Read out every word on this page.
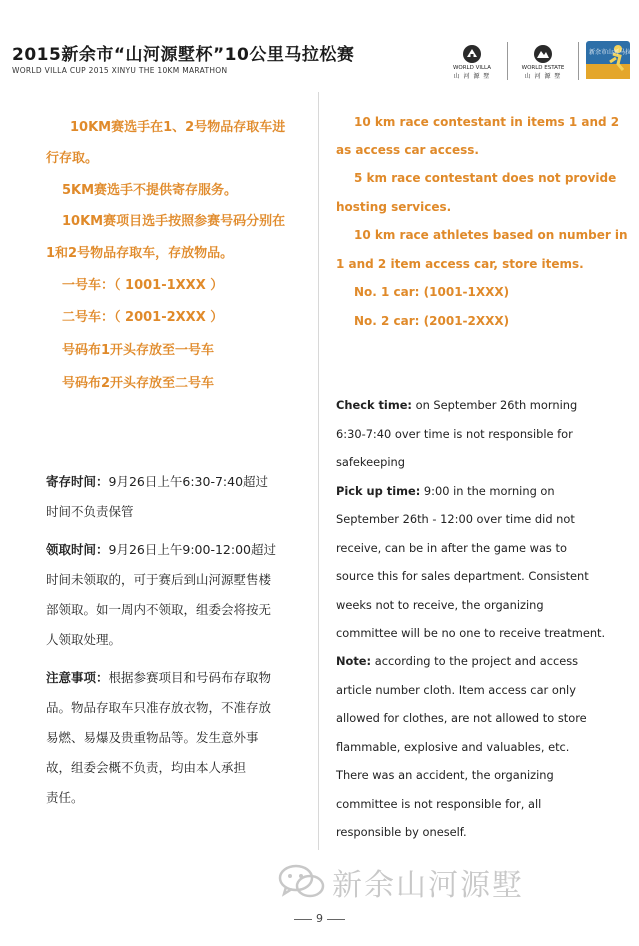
2015新余市“山河源墅杯”10公里马拉松赛
WORLD VILLA CUP 2015 XINYU THE 10KM MARATHON	WORLD VILLA
山 河 源 墅
WORLD ESTATE
山 河 源 墅
新余市山河马拉松
10KM赛选手在1、2号物品存取车进
行存取。
5KM赛选手不提供寄存服务。
10KM赛项目选手按照参赛号码分别在
1和2号物品存取车，存放物品。
一号车：（ 1001-1XXX ）
二号车：（ 2001-2XXX ）
号码布1开头存放至一号车
号码布2开头存放至二号车
寄存时间：9月26日上午6:30-7:40超过
时间不负责保管
领取时间：9月26日上午9:00-12:00超过
时间未领取的，可于赛后到山河源墅售楼
部领取。如一周内不领取，组委会将按无
人领取处理。
注意事项：根据参赛项目和号码布存取物
品。物品存取车只准存放衣物，不准存放
易燃、易爆及贵重物品等。发生意外事
故，组委会概不负责，均由本人承担
责任。
10 km race contestant in items 1 and 2
as access car access.
5 km race contestant does not provide
hosting services.
10 km race athletes based on number in
1 and 2 item access car, store items.
No. 1 car: (1001-1XXX)
No. 2 car: (2001-2XXX)
Check time: on September 26th morning
6:30-7:40 over time is not responsible for
safekeeping
Pick up time: 9:00 in the morning on
September 26th - 12:00 over time did not
receive, can be in after the game was to
source this for sales department. Consistent
weeks not to receive, the organizing
committee will be no one to receive treatment.
Note: according to the project and access
article number cloth. Item access car only
allowed for clothes, are not allowed to store
flammable, explosive and valuables, etc.
There was an accident, the organizing
committee is not responsible for, all
responsible by oneself.
新余山河源墅
9
